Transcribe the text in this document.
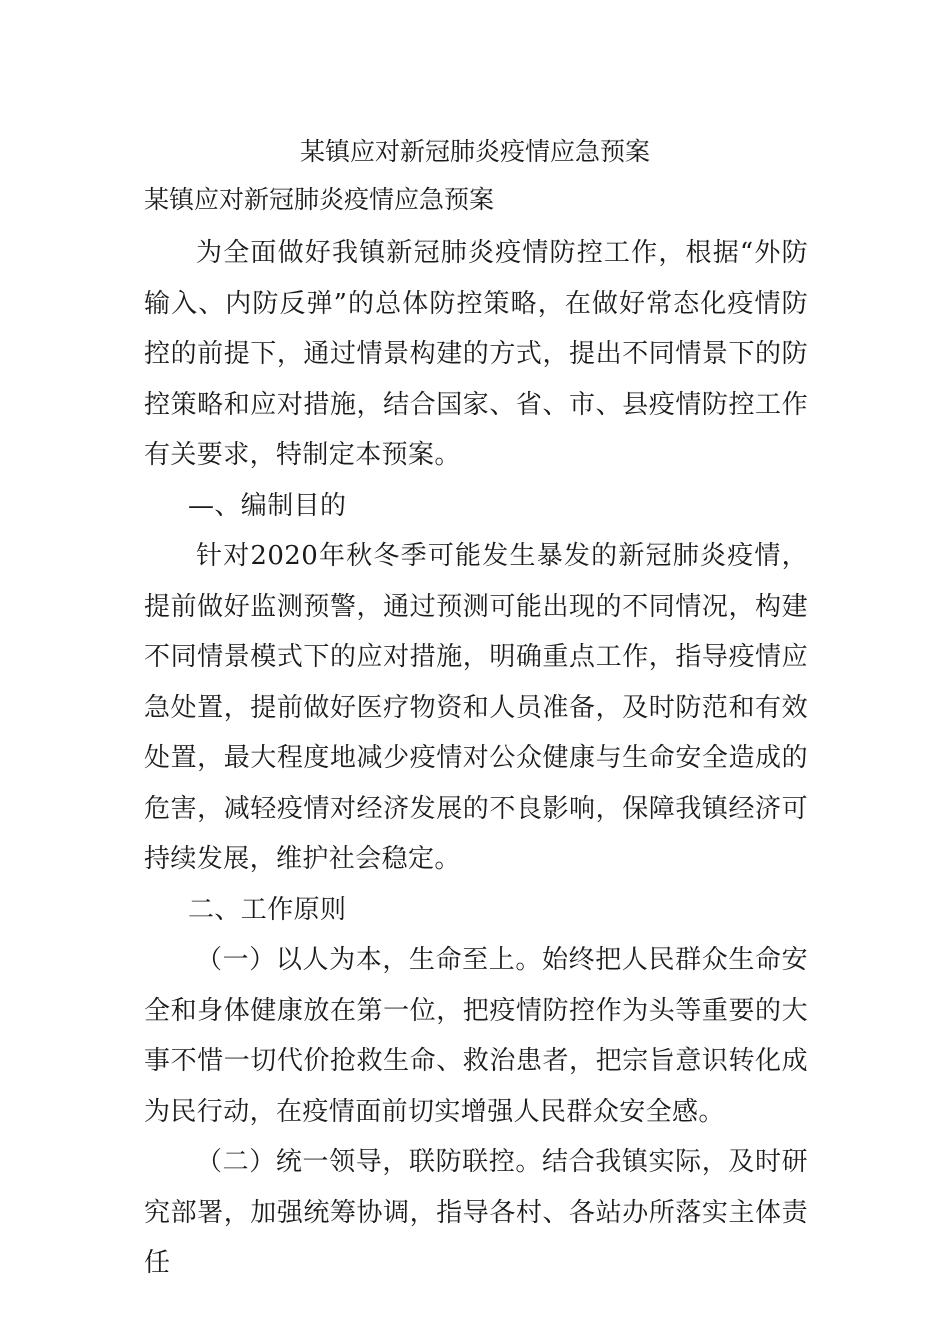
某镇应对新冠肺炎疫情应急预案
某镇应对新冠肺炎疫情应急预案

为全面做好我镇新冠肺炎疫情防控工作，根据“外防输入、内防反弹”的总体防控策略，在做好常态化疫情防控的前提下，通过情景构建的方式，提出不同情景下的防控策略和应对措施，结合国家、省、市、县疫情防控工作有关要求，特制定本预案。

—、编制目的

针对2020年秋冬季可能发生暴发的新冠肺炎疫情，提前做好监测预警，通过预测可能出现的不同情况，构建不同情景模式下的应对措施，明确重点工作，指导疫情应急处置，提前做好医疗物资和人员准备，及时防范和有效处置，最大程度地减少疫情对公众健康与生命安全造成的危害，减轻疫情对经济发展的不良影响，保障我镇经济可持续发展，维护社会稳定。

二、工作原则

（一）以人为本，生命至上。始终把人民群众生命安全和身体健康放在第一位，把疫情防控作为头等重要的大事不惜一切代价抢救生命、救治患者，把宗旨意识转化成为民行动，在疫情面前切实增强人民群众安全感。

（二）统一领导，联防联控。结合我镇实际，及时研究部署，加强统筹协调，指导各村、各站办所落实主体责任
